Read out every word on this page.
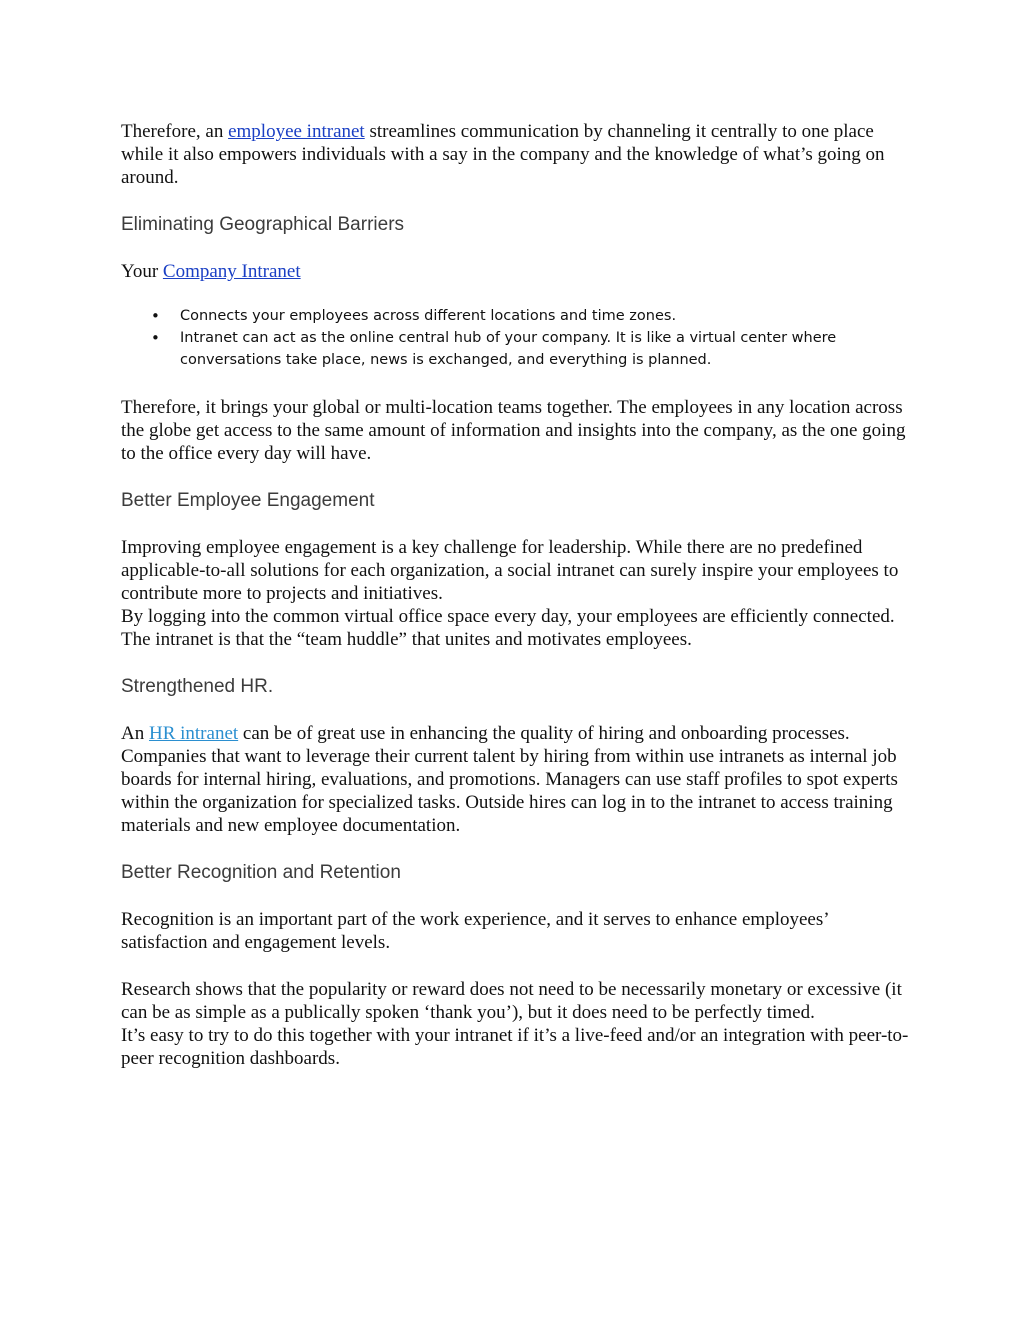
Therefore, an employee intranet streamlines communication by channeling it centrally to one place while it also empowers individuals with a say in the company and the knowledge of what’s going on around.

Eliminating Geographical Barriers

Your Company Intranet

• Connects your employees across different locations and time zones.
• Intranet can act as the online central hub of your company. It is like a virtual center where conversations take place, news is exchanged, and everything is planned.

Therefore, it brings your global or multi-location teams together. The employees in any location across the globe get access to the same amount of information and insights into the company, as the one going to the office every day will have.

Better Employee Engagement

Improving employee engagement is a key challenge for leadership. While there are no predefined applicable-to-all solutions for each organization, a social intranet can surely inspire your employees to contribute more to projects and initiatives.

By logging into the common virtual office space every day, your employees are efficiently connected. The intranet is that the “team huddle” that unites and motivates employees.

Strengthened HR.

An HR intranet can be of great use in enhancing the quality of hiring and onboarding processes. Companies that want to leverage their current talent by hiring from within use intranets as internal job boards for internal hiring, evaluations, and promotions. Managers can use staff profiles to spot experts within the organization for specialized tasks. Outside hires can log in to the intranet to access training materials and new employee documentation.

Better Recognition and Retention

Recognition is an important part of the work experience, and it serves to enhance employees’ satisfaction and engagement levels.

Research shows that the popularity or reward does not need to be necessarily monetary or excessive (it can be as simple as a publically spoken ‘thank you’), but it does need to be perfectly timed.

It’s easy to try to do this together with your intranet if it’s a live-feed and/or an integration with peer-to-peer recognition dashboards.
